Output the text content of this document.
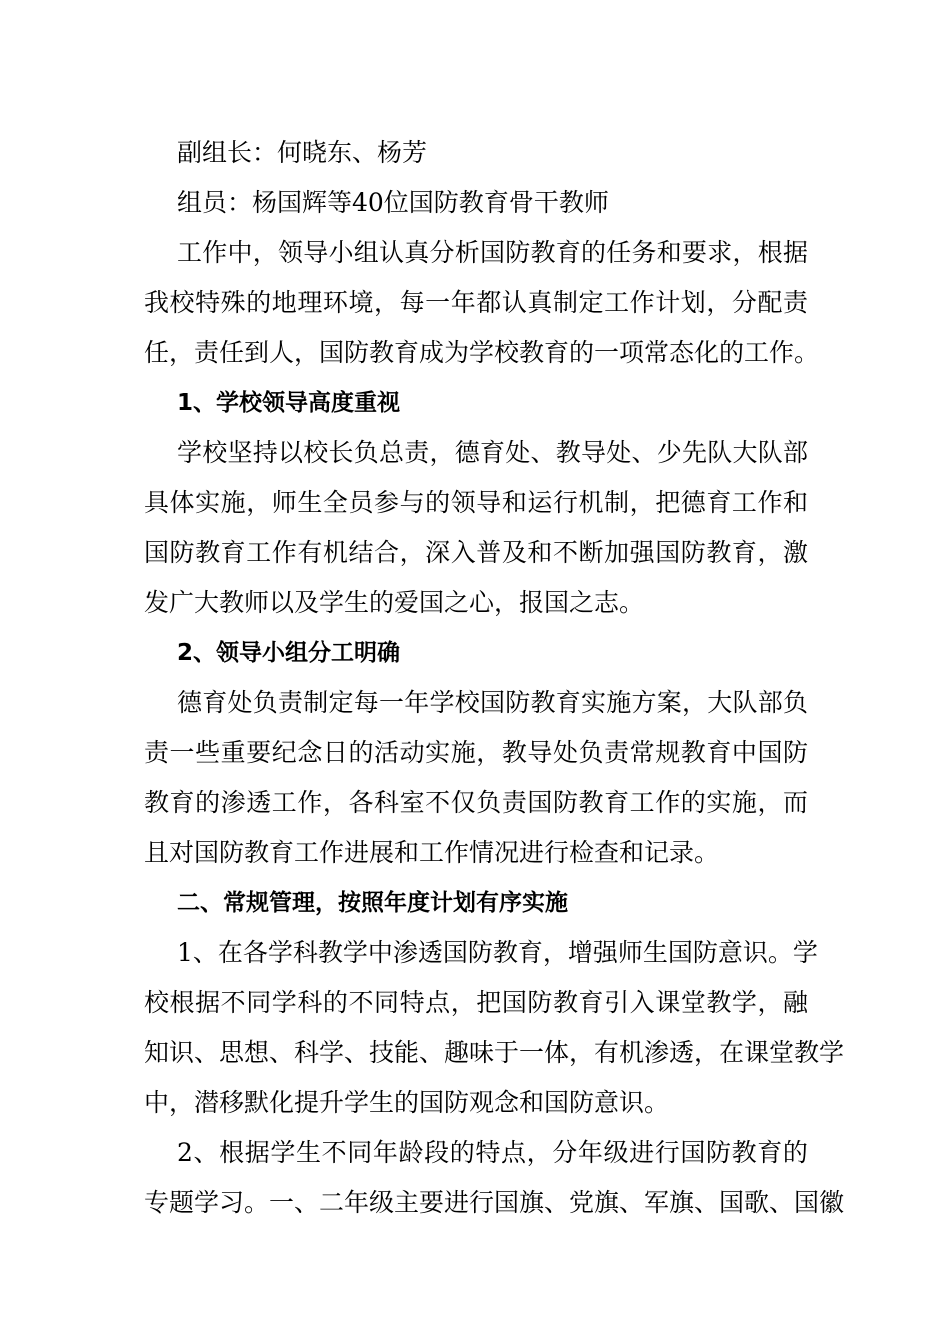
副组长：何晓东、杨芳
组员：杨国辉等40位国防教育骨干教师
工作中，领导小组认真分析国防教育的任务和要求，根据
我校特殊的地理环境，每一年都认真制定工作计划，分配责
任，责任到人，国防教育成为学校教育的一项常态化的工作。
1、学校领导高度重视
学校坚持以校长负总责，德育处、教导处、少先队大队部
具体实施，师生全员参与的领导和运行机制，把德育工作和
国防教育工作有机结合，深入普及和不断加强国防教育，激
发广大教师以及学生的爱国之心，报国之志。
2、领导小组分工明确
德育处负责制定每一年学校国防教育实施方案，大队部负
责一些重要纪念日的活动实施，教导处负责常规教育中国防
教育的渗透工作，各科室不仅负责国防教育工作的实施，而
且对国防教育工作进展和工作情况进行检查和记录。
二、常规管理，按照年度计划有序实施
1、在各学科教学中渗透国防教育，增强师生国防意识。学
校根据不同学科的不同特点，把国防教育引入课堂教学，融
知识、思想、科学、技能、趣味于一体，有机渗透，在课堂教学
中，潜移默化提升学生的国防观念和国防意识。
2、根据学生不同年龄段的特点，分年级进行国防教育的
专题学习。一、二年级主要进行国旗、党旗、军旗、国歌、国徽
